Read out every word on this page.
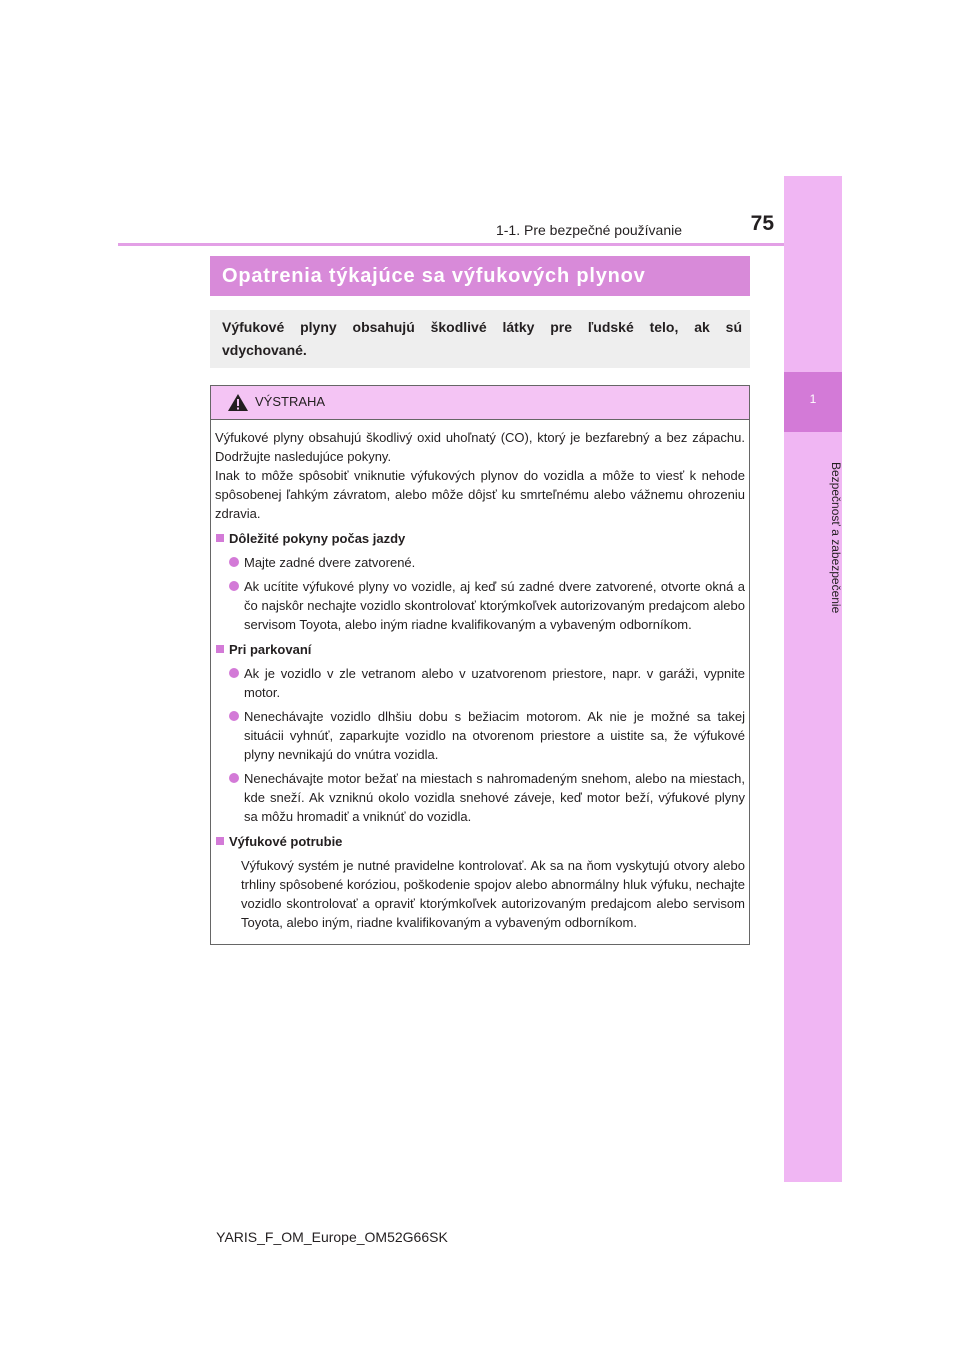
1
Bezpečnosť a zabezpečenie
1-1. Pre bezpečné používanie	75
Opatrenia týkajúce sa výfukových plynov
Výfukové plyny obsahujú škodlivé látky pre ľudské telo, ak sú vdychované.
VÝSTRAHA

Výfukové plyny obsahujú škodlivý oxid uhoľnatý (CO), ktorý je bezfarebný a bez zápachu. Dodržujte nasledujúce pokyny.

Inak to môže spôsobiť vniknutie výfukových plynov do vozidla a môže to viesť k nehode spôsobenej ľahkým závratom, alebo môže dôjsť ku smrteľnému alebo vážnemu ohrozeniu zdravia.

Dôležité pokyny počas jazdy
Majte zadné dvere zatvorené.
Ak ucítite výfukové plyny vo vozidle, aj keď sú zadné dvere zatvorené, otvorte okná a čo najskôr nechajte vozidlo skontrolovať ktorýmkoľvek autorizovaným predajcom alebo servisom Toyota, alebo iným riadne kvalifikovaným a vybaveným odborníkom.
Pri parkovaní
Ak je vozidlo v zle vetranom alebo v uzatvorenom priestore, napr. v garáži, vypnite motor.
Nenechávajte vozidlo dlhšiu dobu s bežiacim motorom. Ak nie je možné sa takej situácii vyhnúť, zaparkujte vozidlo na otvorenom priestore a uistite sa, že výfukové plyny nevnikajú do vnútra vozidla.
Nenechávajte motor bežať na miestach s nahromadeným snehom, alebo na miestach, kde sneží. Ak vzniknú okolo vozidla snehové záveje, keď motor beží, výfukové plyny sa môžu hromadiť a vniknúť do vozidla.
Výfukové potrubie

Výfukový systém je nutné pravidelne kontrolovať. Ak sa na ňom vyskytujú otvory alebo trhliny spôsobené koróziou, poškodenie spojov alebo abnormálny hluk výfuku, nechajte vozidlo skontrolovať a opraviť ktorýmkoľvek autorizovaným predajcom alebo servisom Toyota, alebo iným, riadne kvalifikovaným a vybaveným odborníkom.

YARIS_F_OM_Europe_OM52G66SK
